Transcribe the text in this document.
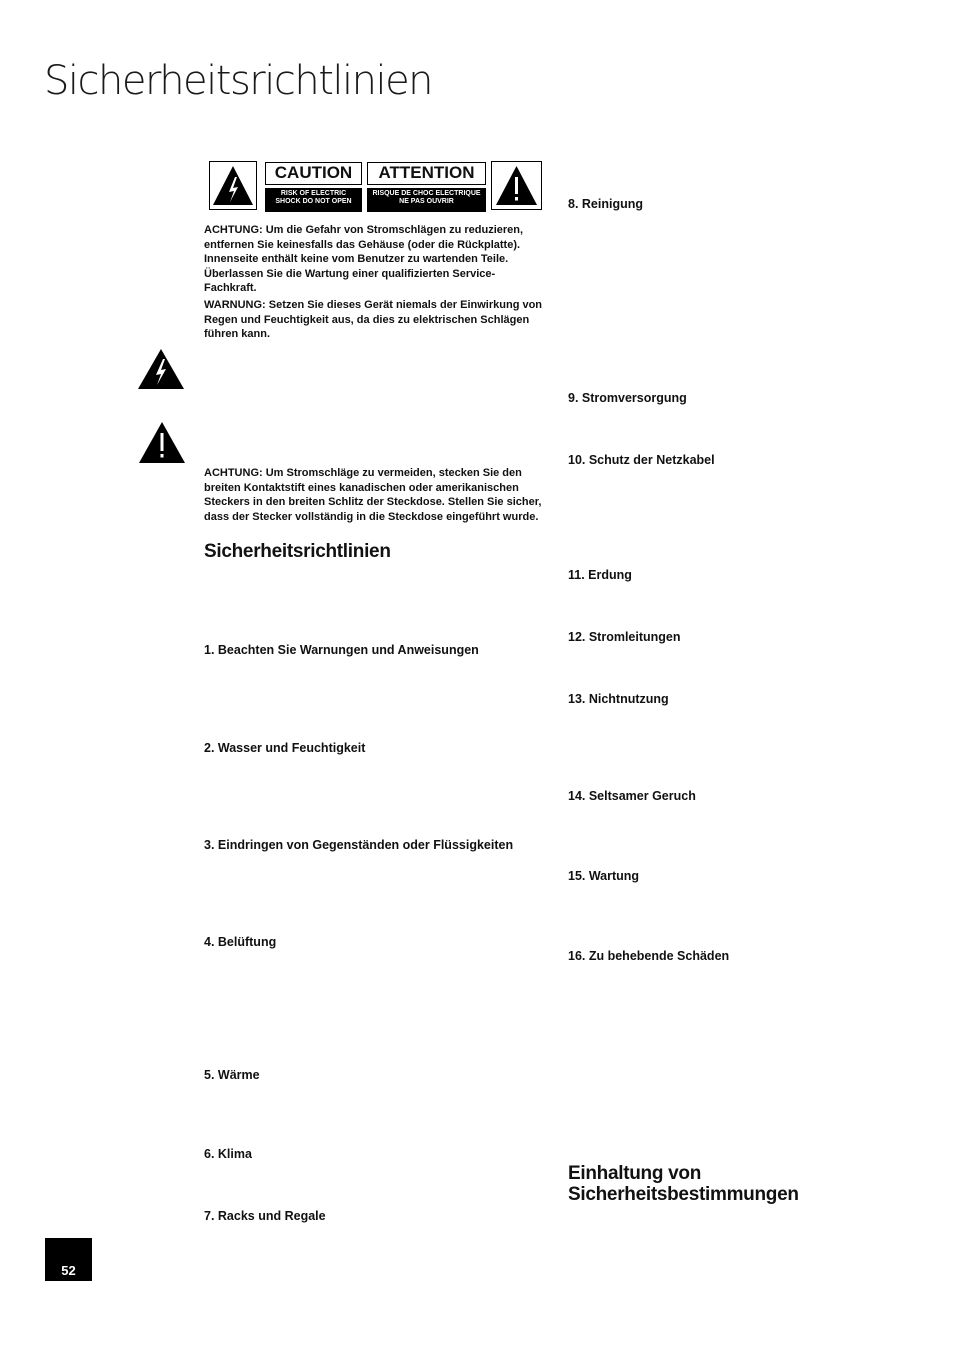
Sicherheitsrichtlinien
CAUTION
RISK OF ELECTRIC
SHOCK DO NOT OPEN
ATTENTION
RISQUE DE CHOC ELECTRIQUE
NE PAS OUVRIR

ACHTUNG: Um die Gefahr von Stromschlägen zu reduzieren, entfernen Sie keinesfalls das Gehäuse (oder die Rückplatte). Innenseite enthält keine vom Benutzer zu wartenden Teile. Überlassen Sie die Wartung einer qualifizierten Service-Fachkraft.

WARNUNG: Setzen Sie dieses Gerät niemals der Einwirkung von Regen und Feuchtigkeit aus, da dies zu elektrischen Schlägen führen kann.

ACHTUNG: Um Stromschläge zu vermeiden, stecken Sie den breiten Kontaktstift eines kanadischen oder amerikanischen Steckers in den breiten Schlitz der Steckdose. Stellen Sie sicher, dass der Stecker vollständig in die Steckdose eingeführt wurde.

Sicherheitsrichtlinien
1. Beachten Sie Warnungen und Anweisungen
2. Wasser und Feuchtigkeit
3. Eindringen von Gegenständen oder Flüssigkeiten
4. Belüftung
5. Wärme
6. Klima
7. Racks und Regale
8. Reinigung
9. Stromversorgung
10. Schutz der Netzkabel
11. Erdung
12. Stromleitungen
13. Nichtnutzung
14. Seltsamer Geruch
15. Wartung
16. Zu behebende Schäden
Einhaltung von
Sicherheitsbestimmungen
52
